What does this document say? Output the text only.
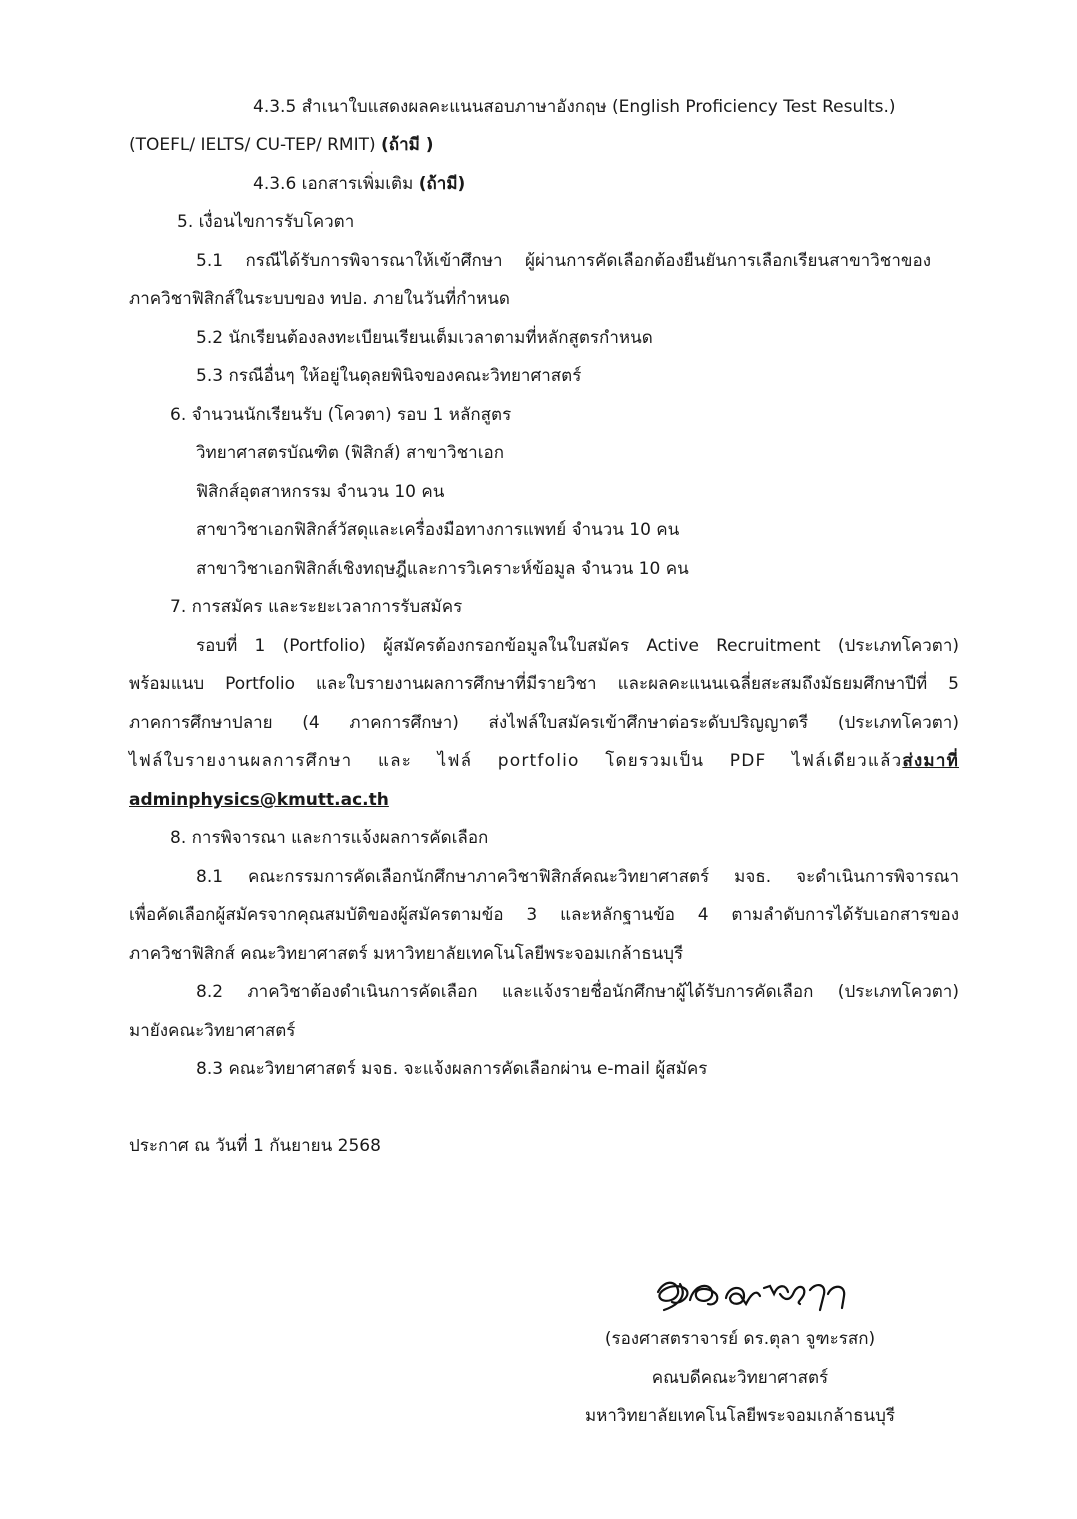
4.3.5 สำเนาใบแสดงผลคะแนนสอบภาษาอังกฤษ (English Proficiency Test Results.)
(TOEFL/ IELTS/ CU-TEP/ RMIT) (ถ้ามี )
4.3.6 เอกสารเพิ่มเติม (ถ้ามี)
5. เงื่อนไขการรับโควตา
5.1 กรณีได้รับการพิจารณาให้เข้าศึกษา ผู้ผ่านการคัดเลือกต้องยืนยันการเลือกเรียนสาขาวิชาของ
ภาควิชาฟิสิกส์ในระบบของ ทปอ. ภายในวันที่กำหนด
5.2 นักเรียนต้องลงทะเบียนเรียนเต็มเวลาตามที่หลักสูตรกำหนด
5.3 กรณีอื่นๆ ให้อยู่ในดุลยพินิจของคณะวิทยาศาสตร์
6. จำนวนนักเรียนรับ (โควตา) รอบ 1 หลักสูตร
วิทยาศาสตรบัณฑิต (ฟิสิกส์) สาขาวิชาเอก
ฟิสิกส์อุตสาหกรรม จำนวน 10 คน
สาขาวิชาเอกฟิสิกส์วัสดุและเครื่องมือทางการแพทย์ จำนวน 10 คน
สาขาวิชาเอกฟิสิกส์เชิงทฤษฎีและการวิเคราะห์ข้อมูล จำนวน 10 คน
7. การสมัคร และระยะเวลาการรับสมัคร
รอบที่ 1 (Portfolio) ผู้สมัครต้องกรอกข้อมูลในใบสมัคร Active Recruitment (ประเภทโควตา)
พร้อมแนบ Portfolio และใบรายงานผลการศึกษาที่มีรายวิชา และผลคะแนนเฉลี่ยสะสมถึงมัธยมศึกษาปีที่ 5
ภาคการศึกษาปลาย (4 ภาคการศึกษา) ส่งไฟล์ใบสมัครเข้าศึกษาต่อระดับปริญญาตรี (ประเภทโควตา)
ไฟล์ใบรายงานผลการศึกษา และ ไฟล์ portfolio โดยรวมเป็น PDF ไฟล์เดียวแล้วส่งมาที่
adminphysics@kmutt.ac.th
8. การพิจารณา และการแจ้งผลการคัดเลือก
8.1 คณะกรรมการคัดเลือกนักศึกษาภาควิชาฟิสิกส์คณะวิทยาศาสตร์ มจธ. จะดำเนินการพิจารณา
เพื่อคัดเลือกผู้สมัครจากคุณสมบัติของผู้สมัครตามข้อ 3 และหลักฐานข้อ 4 ตามลำดับการได้รับเอกสารของ
ภาควิชาฟิสิกส์ คณะวิทยาศาสตร์ มหาวิทยาลัยเทคโนโลยีพระจอมเกล้าธนบุรี
8.2 ภาควิชาต้องดำเนินการคัดเลือก และแจ้งรายชื่อนักศึกษาผู้ได้รับการคัดเลือก (ประเภทโควตา)
มายังคณะวิทยาศาสตร์
8.3 คณะวิทยาศาสตร์ มจธ. จะแจ้งผลการคัดเลือกผ่าน e-mail ผู้สมัคร
ประกาศ ณ วันที่ 1 กันยายน 2568
(รองศาสตราจารย์ ดร.ตุลา จูฑะรสก)
คณบดีคณะวิทยาศาสตร์
มหาวิทยาลัยเทคโนโลยีพระจอมเกล้าธนบุรี
